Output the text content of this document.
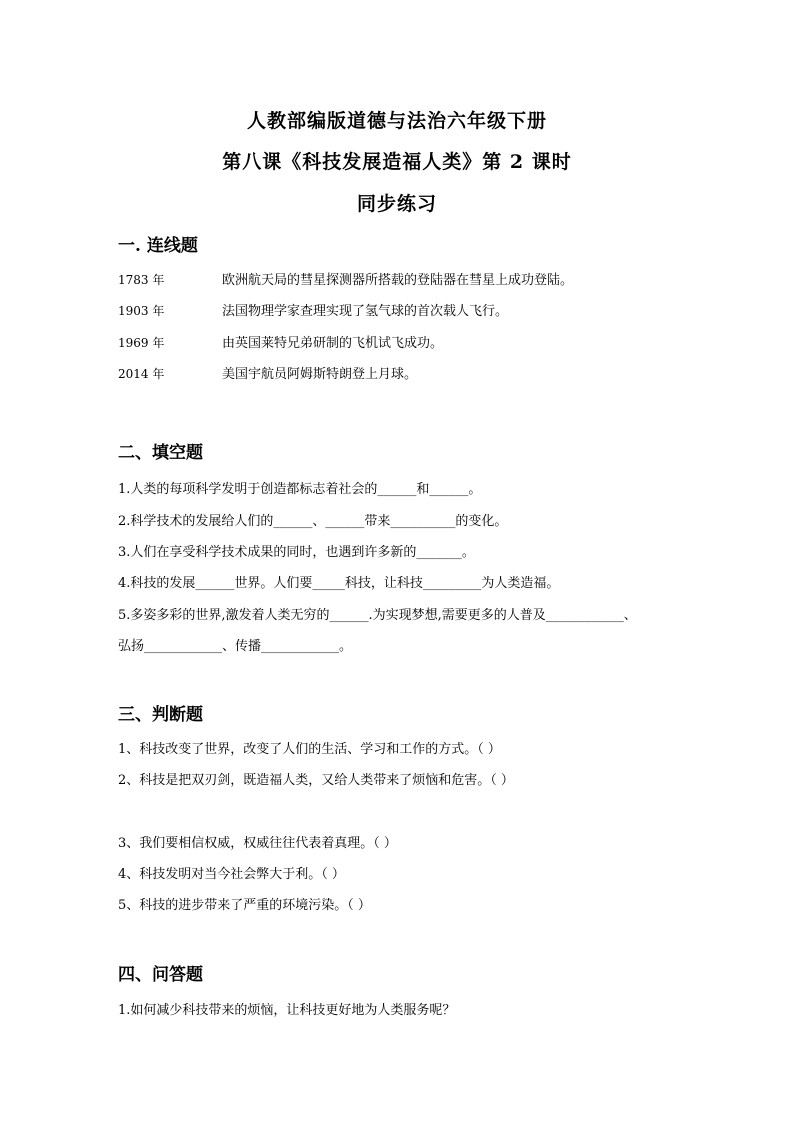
人教部编版道德与法治六年级下册
第八课《科技发展造福人类》第 2 课时
同步练习
一. 连线题
1783 年	欧洲航天局的彗星探测器所搭载的登陆器在彗星上成功登陆。
1903 年	法国物理学家查理实现了氢气球的首次载人飞行。
1969 年	由英国莱特兄弟研制的飞机试飞成功。
2014 年	美国宇航员阿姆斯特朗登上月球。
二、填空题
1.人类的每项科学发明于创造都标志着社会的______和______。
2.科学技术的发展给人们的______、______带来__________的变化。
3.人们在享受科学技术成果的同时，也遇到许多新的_______。
4.科技的发展______世界。人们要_____科技，让科技_________为人类造福。
5.多姿多彩的世界,激发着人类无穷的______.为实现梦想,需要更多的人普及____________、
弘扬____________、传播____________。
三、判断题
1、科技改变了世界，改变了人们的生活、学习和工作的方式。（ ）
2、科技是把双刃剑，既造福人类，又给人类带来了烦恼和危害。（ ）
3、我们要相信权威，权威往往代表着真理。（ ）
4、科技发明对当今社会弊大于利。（ ）
5、科技的进步带来了严重的环境污染。（ ）
四、问答题
1.如何减少科技带来的烦恼，让科技更好地为人类服务呢？
